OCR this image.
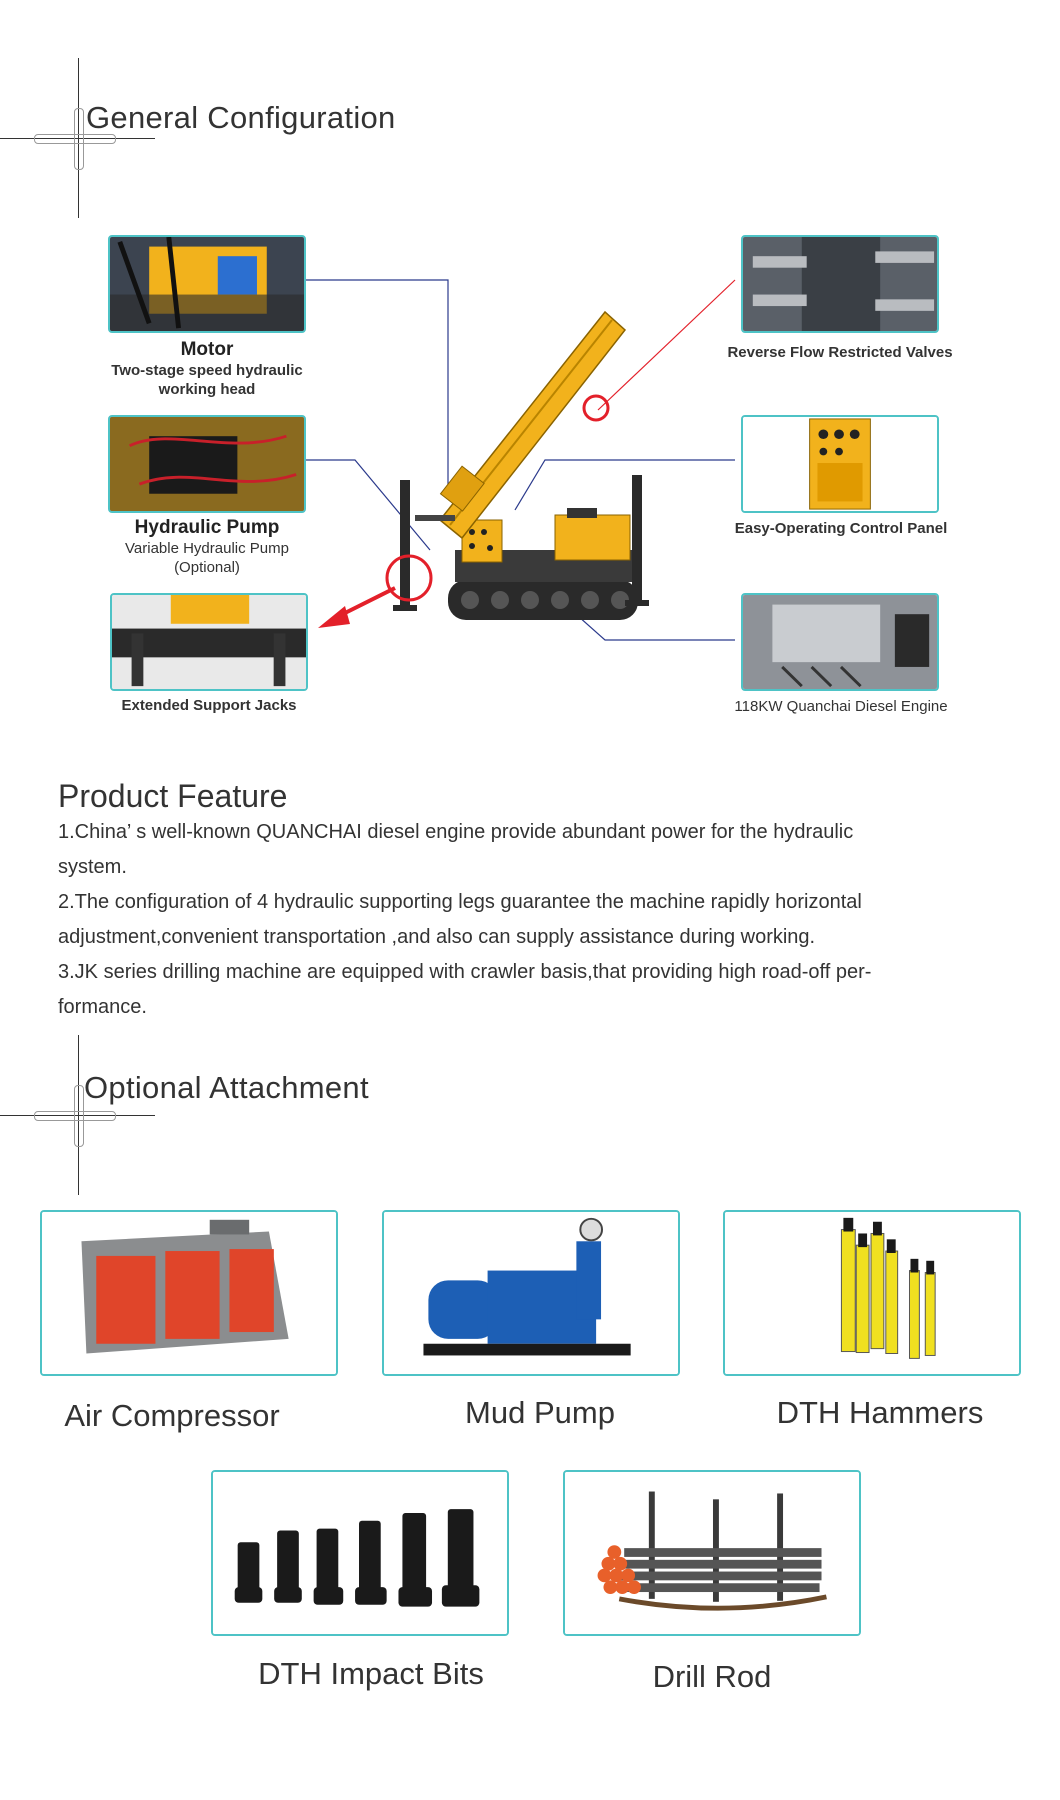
General Configuration
Motor
Two-stage speed hydraulic
working head
Hydraulic Pump
Variable Hydraulic Pump
(Optional)
Extended Support Jacks
Reverse Flow Restricted Valves
Easy-Operating Control Panel
118KW Quanchai Diesel Engine
Product Feature

1.China’ s well-known QUANCHAI diesel engine provide abundant power for the hydraulic

system.

2.The configuration of 4 hydraulic supporting legs guarantee the machine rapidly horizontal

adjustment,convenient transportation ,and also can supply assistance during working.

3.JK series drilling machine are equipped with crawler basis,that providing high road-off per-

formance.

Optional Attachment
Air Compressor	Mud Pump	DTH Hammers
DTH Impact Bits	Drill Rod
